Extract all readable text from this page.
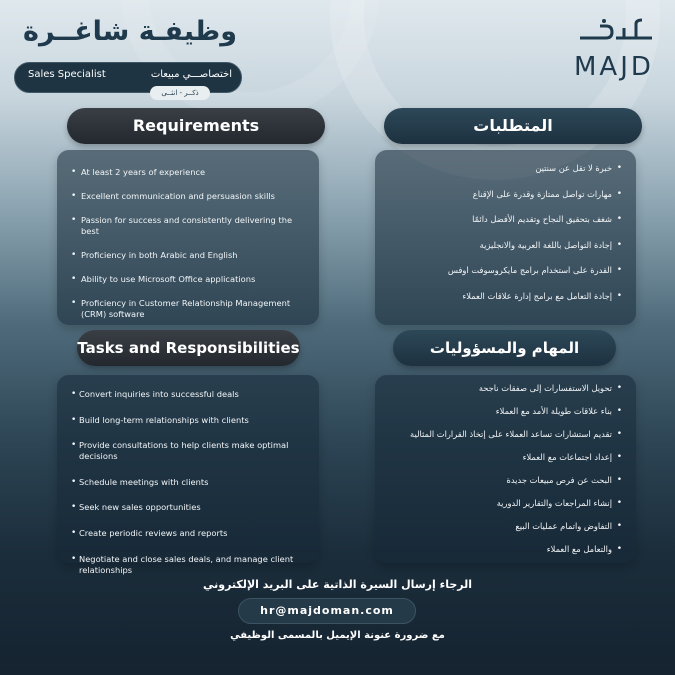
وظيفـة شاغــرة
Sales Specialist	اختصاصـــي مبيعات
ذكــر - انثــى
MAJD
Requirements	المتطلبات
• At least 2 years of experience
• Excellent communication and persuasion skills
• Passion for success and consistently delivering the best
• Proficiency in both Arabic and English
• Ability to use Microsoft Office applications
• Proficiency in Customer Relationship Management (CRM) software
• خبرة لا تقل عن سنتين
• مهارات تواصل ممتازة وقدرة على الإقناع
• شغف بتحقيق النجاح وتقديم الأفضل دائمًا
• إجادة التواصل باللغة العربية والانجليزية
• القدرة على استخدام برامج مايكروسوفت اوفس
• إجادة التعامل مع برامج إدارة علاقات العملاء
Tasks and Responsibilities	المهام والمسؤوليات
• Convert inquiries into successful deals
• Build long-term relationships with clients
• Provide consultations to help clients make optimal decisions
• Schedule meetings with clients
• Seek new sales opportunities
• Create periodic reviews and reports
• Negotiate and close sales deals, and manage client relationships
• تحويل الاستفسارات إلى صفقات ناجحة
• بناء علاقات طويلة الأمد مع العملاء
• تقديم استشارات تساعد العملاء على إتخاذ القرارات المثالية
• إعداد اجتماعات مع العملاء
• البحث عن فرص مبيعات جديدة
• إنشاء المراجعات والتقارير الدورية
• التفاوض واتمام عمليات البيع
• والتعامل مع العملاء
الرجاء إرسال السيرة الذاتية على البريد الإلكتروني
hr@majdoman.com
مع ضرورة عنونة الإيميل بالمسمى الوظيفي
